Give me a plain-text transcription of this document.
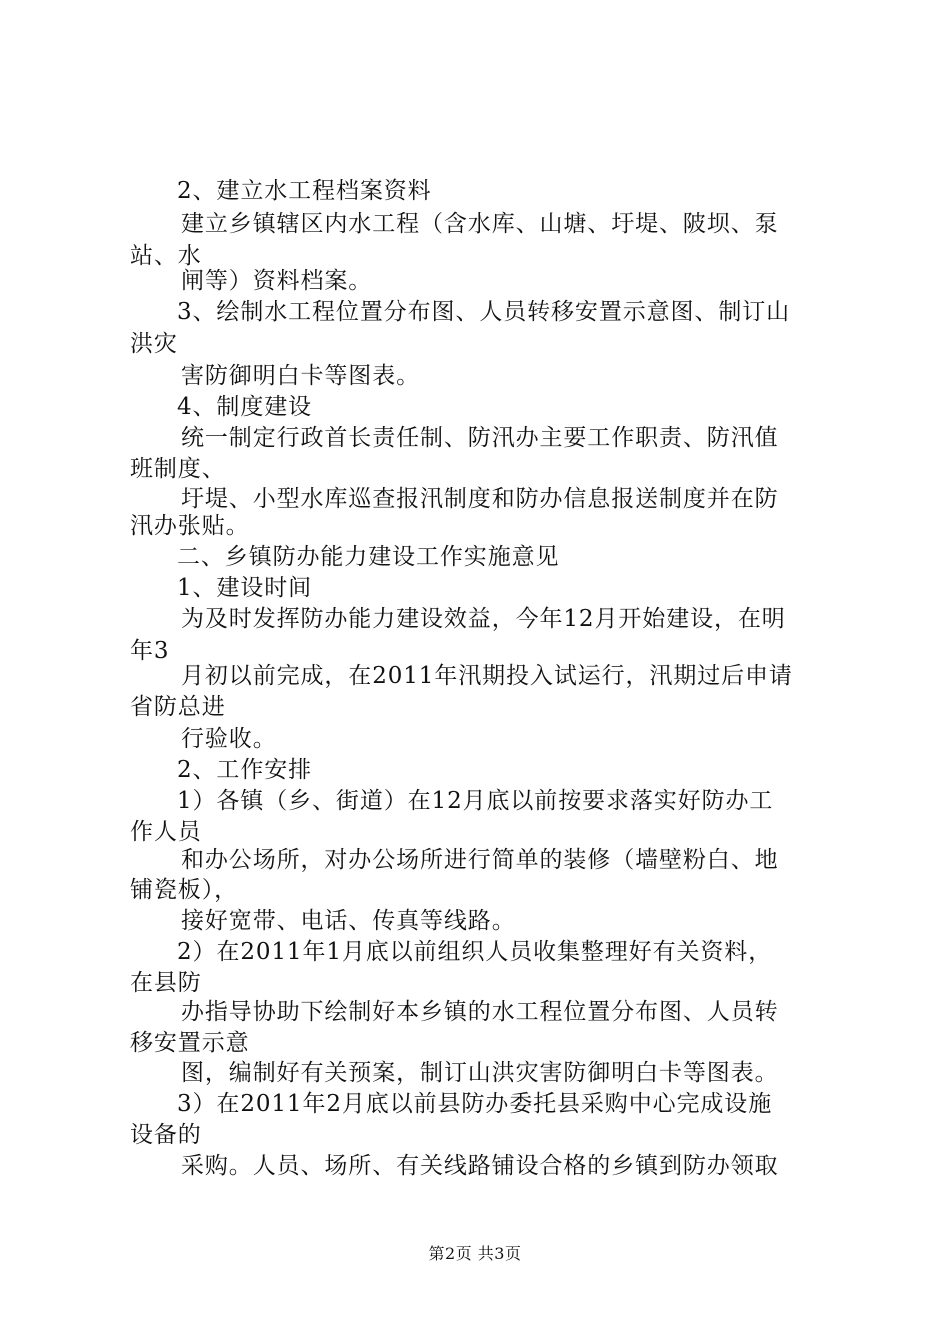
2、建立水工程档案资料
建立乡镇辖区内水工程（含水库、山塘、圩堤、陂坝、泵
站、水
闸等）资料档案。
3、绘制水工程位置分布图、人员转移安置示意图、制订山
洪灾
害防御明白卡等图表。
4、制度建设
统一制定行政首长责任制、防汛办主要工作职责、防汛值
班制度、
圩堤、小型水库巡查报汛制度和防办信息报送制度并在防
汛办张贴。
二、乡镇防办能力建设工作实施意见
1、建设时间
为及时发挥防办能力建设效益，今年12月开始建设，在明
年3
月初以前完成，在2011年汛期投入试运行，汛期过后申请
省防总进
行验收。
2、工作安排
1）各镇（乡、街道）在12月底以前按要求落实好防办工
作人员
和办公场所，对办公场所进行简单的装修（墙壁粉白、地
铺瓷板），
接好宽带、电话、传真等线路。
2）在2011年1月底以前组织人员收集整理好有关资料，
在县防
办指导协助下绘制好本乡镇的水工程位置分布图、人员转
移安置示意
图，编制好有关预案，制订山洪灾害防御明白卡等图表。
3）在2011年2月底以前县防办委托县采购中心完成设施
设备的
采购。人员、场所、有关线路铺设合格的乡镇到防办领取
第2页 共3页
